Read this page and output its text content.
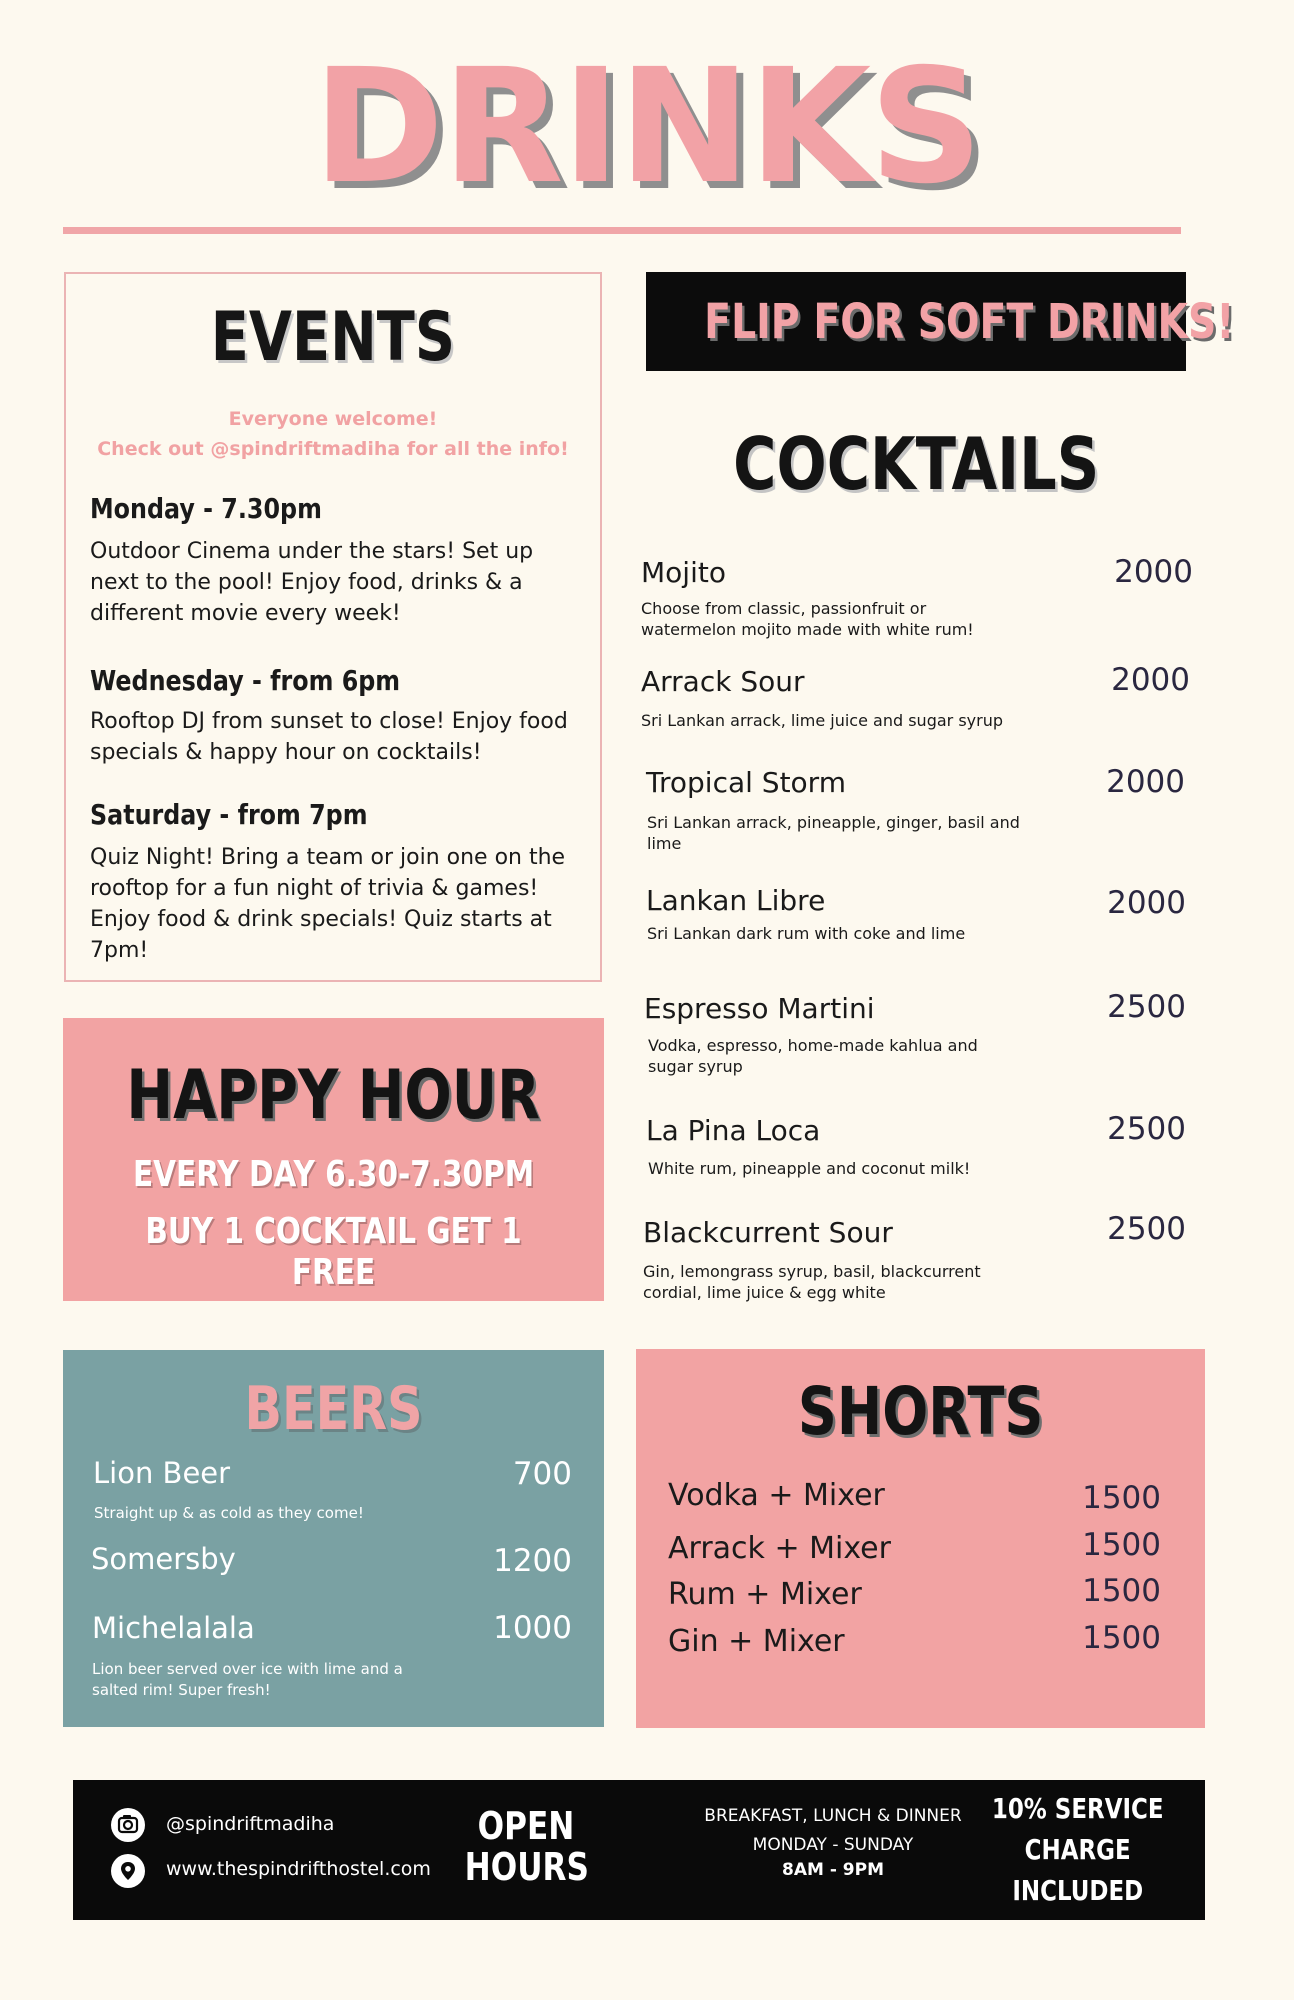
DRINKS
EVENTS
Everyone welcome!
Check out @spindriftmadiha for all the info!
Monday - 7.30pm
Outdoor Cinema under the stars! Set up next to the pool! Enjoy food, drinks & a different movie every week!
Wednesday - from 6pm
Rooftop DJ from sunset to close! Enjoy food specials & happy hour on cocktails!
Saturday - from 7pm
Quiz Night! Bring a team or join one on the rooftop for a fun night of trivia & games! Enjoy food & drink specials! Quiz starts at 7pm!
HAPPY HOUR
EVERY DAY 6.30-7.30PM
BUY 1 COCKTAIL GET 1 FREE
FLIP FOR SOFT DRINKS!
COCKTAILS
Mojito	2000
Choose from classic, passionfruit or watermelon mojito made with white rum!
Arrack Sour	2000
Sri Lankan arrack, lime juice and sugar syrup
Tropical Storm	2000
Sri Lankan arrack, pineapple, ginger, basil and lime
Lankan Libre	2000
Sri Lankan dark rum with coke and lime
Espresso Martini	2500
Vodka, espresso, home-made kahlua and sugar syrup
La Pina Loca	2500
White rum, pineapple and coconut milk!
Blackcurrent Sour	2500
Gin, lemongrass syrup, basil, blackcurrent cordial, lime juice & egg white
BEERS
Lion Beer	700
Straight up & as cold as they come!
Somersby	1200
Michelalala	1000
Lion beer served over ice with lime and a salted rim! Super fresh!
SHORTS
Vodka + Mixer	1500
Arrack + Mixer	1500
Rum + Mixer	1500
Gin + Mixer	1500
@spindriftmadiha
www.thespindrifthostel.com
OPEN
HOURS
BREAKFAST, LUNCH & DINNER
MONDAY - SUNDAY
8AM - 9PM
10% SERVICE
CHARGE
INCLUDED
